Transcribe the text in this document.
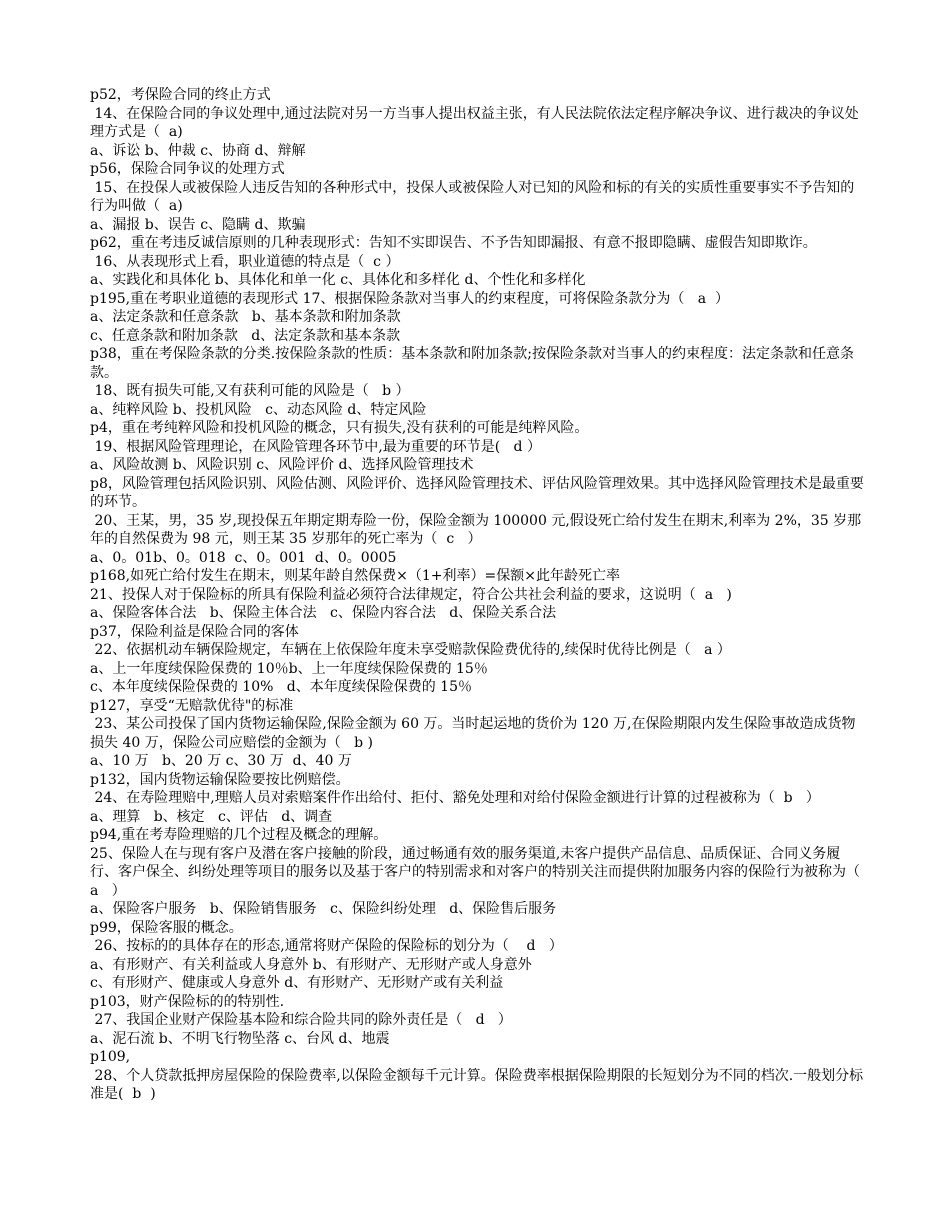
p52，考保险合同的终止方式

14、在保险合同的争议处理中,通过法院对另一方当事人提出权益主张，有人民法院依法定程序解决争议、进行裁决的争议处理方式是（  a)

a、诉讼 b、仲裁 c、协商 d、辩解

p56，保险合同争议的处理方式

15、在投保人或被保险人违反告知的各种形式中，投保人或被保险人对已知的风险和标的有关的实质性重要事实不予告知的行为叫做（  a)

a、漏报 b、误告 c、隐瞒 d、欺骗

p62，重在考违反诚信原则的几种表现形式：告知不实即误告、不予告知即漏报、有意不报即隐瞒、虚假告知即欺诈。

16、从表现形式上看，职业道德的特点是（  c ）

a、实践化和具体化 b、具体化和单一化 c、具体化和多样化 d、个性化和多样化

p195,重在考职业道德的表现形式 17、根据保险条款对当事人的约束程度，可将保险条款分为（   a  ）

a、法定条款和任意条款   b、基本条款和附加条款

c、任意条款和附加条款   d、法定条款和基本条款

p38，重在考保险条款的分类.按保险条款的性质：基本条款和附加条款;按保险条款对当事人的约束程度：法定条款和任意条款。

18、既有损失可能,又有获利可能的风险是（   b ）

a、纯粹风险 b、投机风险   c、动态风险 d、特定风险

p4，重在考纯粹风险和投机风险的概念，只有损失,没有获利的可能是纯粹风险。

19、根据风险管理理论，在风险管理各环节中,最为重要的环节是(   d ）

a、风险故测 b、风险识别 c、风险评价 d、选择风险管理技术

p8，风险管理包括风险识别、风险估测、风险评价、选择风险管理技术、评估风险管理效果。其中选择风险管理技术是最重要的环节。

20、王某，男，35 岁,现投保五年期定期寿险一份，保险金额为 100000 元,假设死亡给付发生在期末,利率为 2%，35 岁那年的自然保费为 98 元，则王某 35 岁那年的死亡率为（  c   ）

a、0。01b、0。018  c、0。001  d、0。0005

p168,如死亡给付发生在期末，则某年龄自然保费×（1+利率）=保额×此年龄死亡率

21、投保人对于保险标的所具有保险利益必须符合法律规定，符合公共社会利益的要求，这说明（  a   )

a、保险客体合法   b、保险主体合法   c、保险内容合法   d、保险关系合法

p37，保险利益是保险合同的客体

22、依据机动车辆保险规定，车辆在上依保险年度未享受赔款保险费优待的,续保时优待比例是（   a ）

a、上一年度续保险保费的 10％b、上一年度续保险保费的 15％

c、本年度续保险保费的 10%   d、本年度续保险保费的 15％

p127，享受“无赔款优待"的标准

23、某公司投保了国内货物运输保险,保险金额为 60 万。当时起运地的货价为 120 万,在保险期限内发生保险事故造成货物损失 40 万，保险公司应赔偿的金额为（   b )

a、10 万   b、20 万 c、30 万  d、40 万

p132，国内货物运输保险要按比例赔偿。

24、在寿险理赔中,理赔人员对索赔案件作出给付、拒付、豁免处理和对给付保险金额进行计算的过程被称为（  b   ）

a、理算   b、核定   c、评估   d、调查

p94,重在考寿险理赔的几个过程及概念的理解。

25、保险人在与现有客户及潜在客户接触的阶段，通过畅通有效的服务渠道,未客户提供产品信息、品质保证、合同义务履行、客户保全、纠纷处理等项目的服务以及基于客户的特别需求和对客户的特别关注而提供附加服务内容的保险行为被称为（   a   ）

a、保险客户服务   b、保险销售服务   c、保险纠纷处理   d、保险售后服务

p99，保险客服的概念。

26、按标的的具体存在的形态,通常将财产保险的保险标的划分为（    d   ）

a、有形财产、有关利益或人身意外 b、有形财产、无形财产或人身意外

c、有形财产、健康或人身意外 d、有形财产、无形财产或有关利益

p103，财产保险标的的特别性.

27、我国企业财产保险基本险和综合险共同的除外责任是（   d   ）

a、泥石流 b、不明飞行物坠落 c、台风 d、地震

p109,

28、个人贷款抵押房屋保险的保险费率,以保险金额每千元计算。保险费率根据保险期限的长短划分为不同的档次.一般划分标准是(  b  )
